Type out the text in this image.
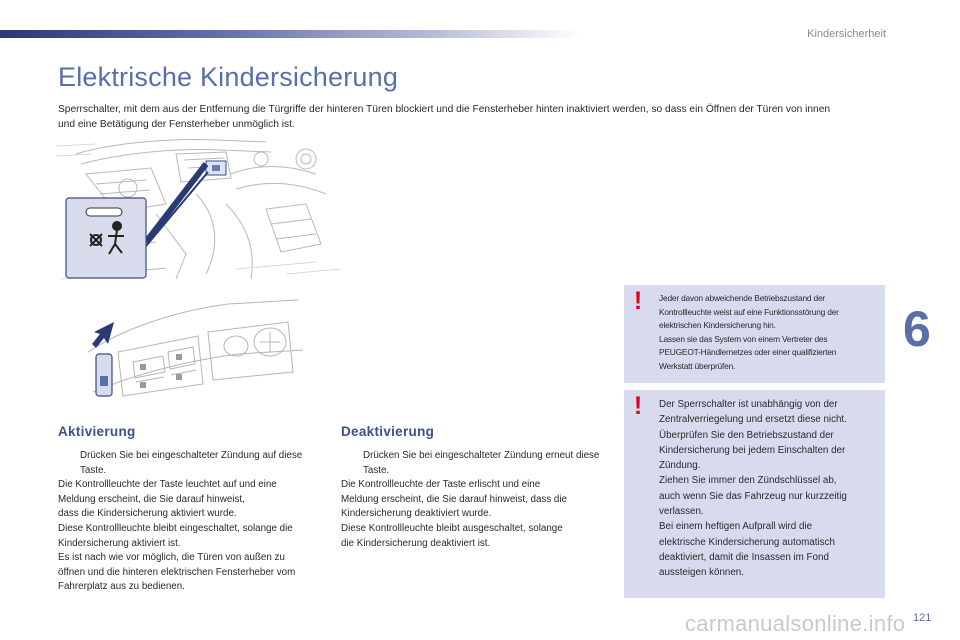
Kindersicherheit
Elektrische Kindersicherung

Sperrschalter, mit dem aus der Entfernung die Türgriffe der hinteren Türen blockiert und die Fensterheber hinten inaktiviert werden, so dass ein Öffnen der Türen von innen
und eine Betätigung der Fensterheber unmöglich ist.

Aktivierung

Drücken Sie bei eingeschalteter Zündung auf diese Taste.

Die Kontrollleuchte der Taste leuchtet auf und eine
Meldung erscheint, die Sie darauf hinweist,
dass die Kindersicherung aktiviert wurde.
Diese Kontrollleuchte bleibt eingeschaltet, solange die
Kindersicherung aktiviert ist.
Es ist nach wie vor möglich, die Türen von außen zu
öffnen und die hinteren elektrischen Fensterheber vom
Fahrerplatz aus zu bedienen.

Deaktivierung

Drücken Sie bei eingeschalteter Zündung erneut diese Taste.

Die Kontrollleuchte der Taste erlischt und eine
Meldung erscheint, die Sie darauf hinweist, dass die
Kindersicherung deaktiviert wurde.
Diese Kontrollleuchte bleibt ausgeschaltet, solange
die Kindersicherung deaktiviert ist.

!	Jeder davon abweichende Betriebszustand der

Kontrollleuchte weist auf eine Funktionsstörung der

elektrischen Kindersicherung hin.

Lassen sie das System von einem Vertreter des

PEUGEOT-Händlernetzes oder einer qualifizierten

Werkstatt überprüfen.

!	Der Sperrschalter ist unabhängig von der

Zentralverriegelung und ersetzt diese nicht.

Überprüfen Sie den Betriebszustand der

Kindersicherung bei jedem Einschalten der

Zündung.

Ziehen Sie immer den Zündschlüssel ab,

auch wenn Sie das Fahrzeug nur kurzzeitig

verlassen.

Bei einem heftigen Aufprall wird die

elektrische Kindersicherung automatisch

deaktiviert, damit die Insassen im Fond

aussteigen können.

6
121
carmanualsonline.info
